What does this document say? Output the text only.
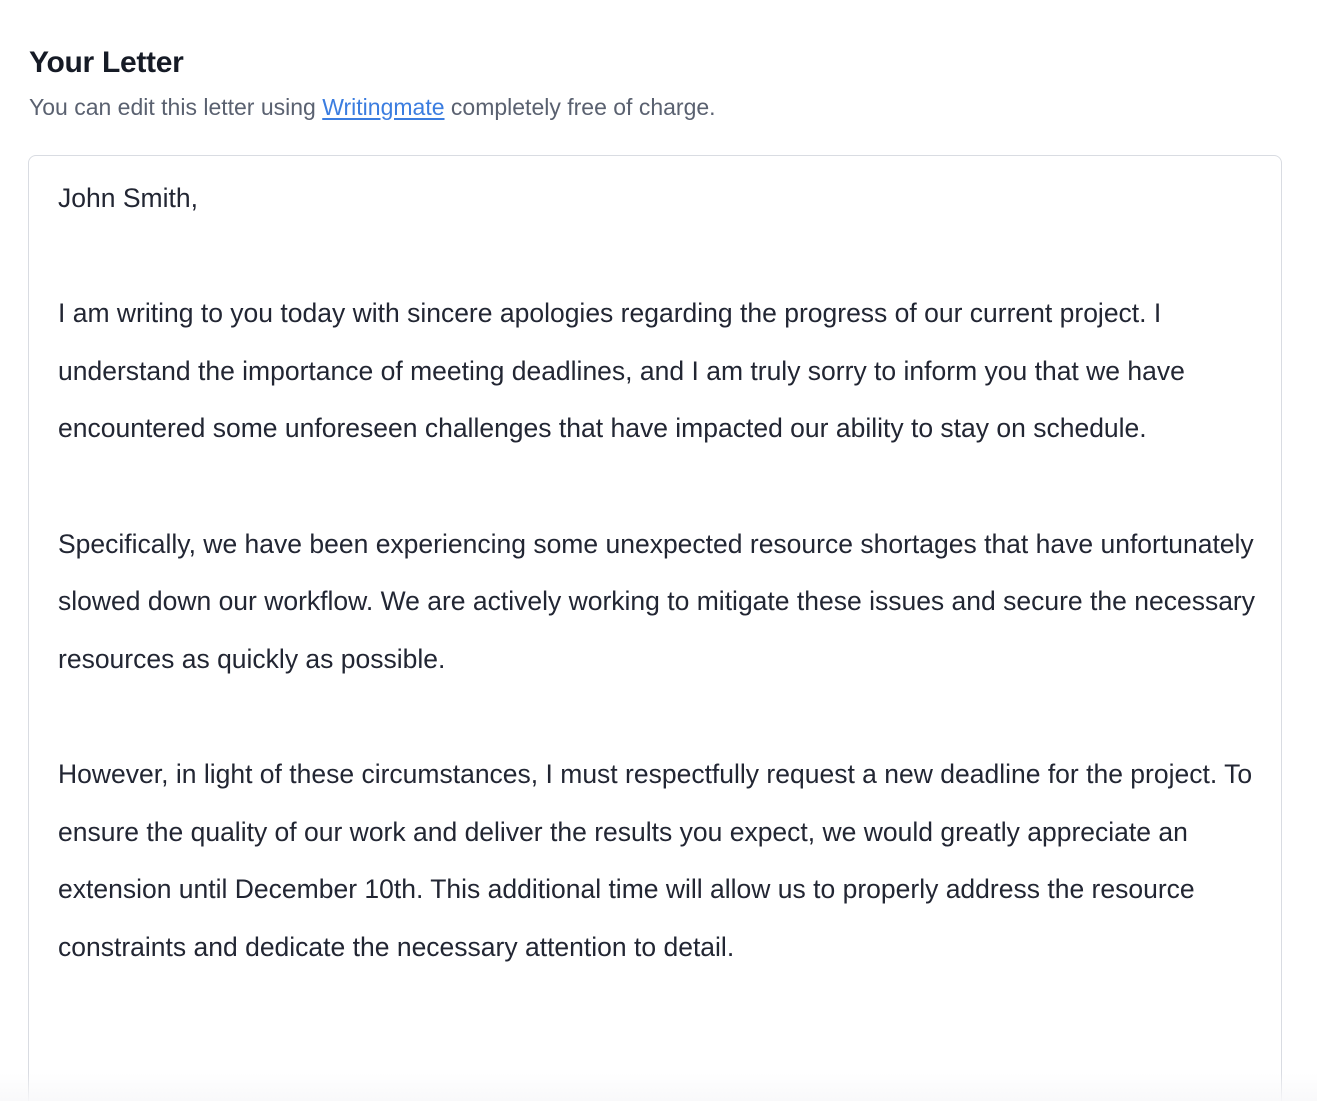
Your Letter

You can edit this letter using Writingmate completely free of charge.

John Smith,

I am writing to you today with sincere apologies regarding the progress of our current project. I understand the importance of meeting deadlines, and I am truly sorry to inform you that we have encountered some unforeseen challenges that have impacted our ability to stay on schedule.

Specifically, we have been experiencing some unexpected resource shortages that have unfortunately slowed down our workflow. We are actively working to mitigate these issues and secure the necessary resources as quickly as possible.

However, in light of these circumstances, I must respectfully request a new deadline for the project. To ensure the quality of our work and deliver the results you expect, we would greatly appreciate an extension until December 10th. This additional time will allow us to properly address the resource constraints and dedicate the necessary attention to detail.
